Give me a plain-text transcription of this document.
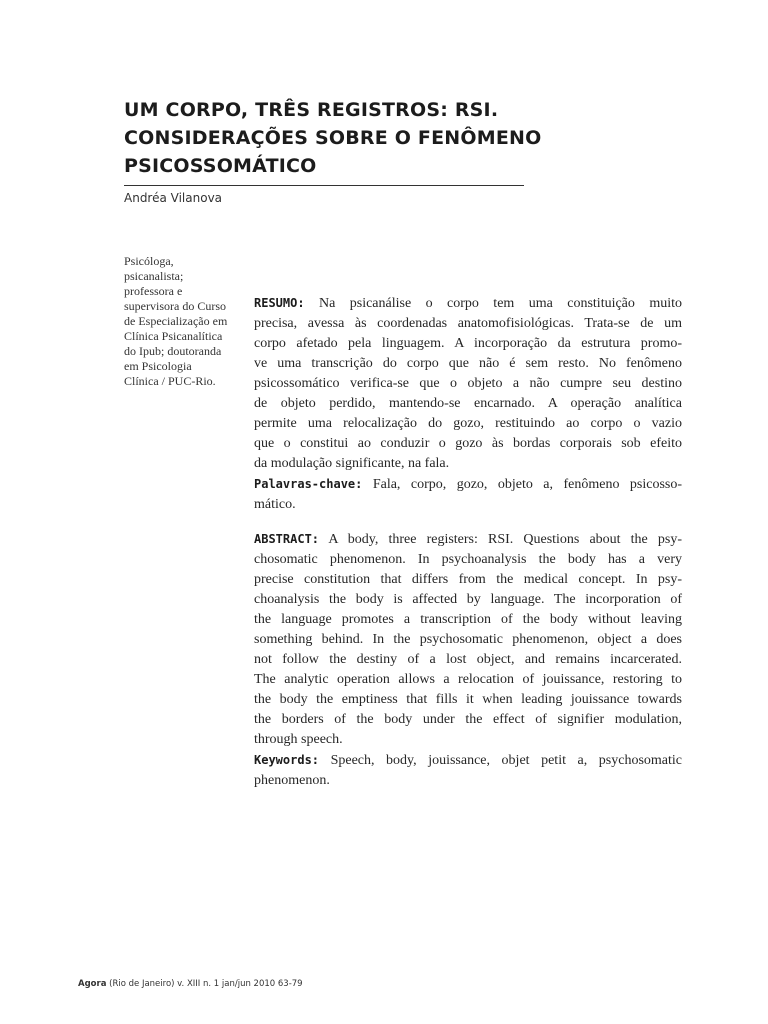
UM CORPO, TRÊS REGISTROS: RSI.
CONSIDERAÇÕES SOBRE O FENÔMENO
PSICOSSOMÁTICO
Andréa Vilanova
Psicóloga,
psicanalista;
professora e
supervisora do Curso
de Especialização em
Clínica Psicanalítica
do Ipub; doutoranda
em Psicologia
Clínica / PUC-Rio.
RESUMO: Na psicanálise o corpo tem uma constituição muito
precisa, avessa às coordenadas anatomofisiológicas. Trata-se de um
corpo afetado pela linguagem. A incorporação da estrutura promo-
ve uma transcrição do corpo que não é sem resto. No fenômeno
psicossomático verifica-se que o objeto a não cumpre seu destino
de objeto perdido, mantendo-se encarnado. A operação analítica
permite uma relocalização do gozo, restituindo ao corpo o vazio
que o constitui ao conduzir o gozo às bordas corporais sob efeito
da modulação significante, na fala.
Palavras-chave: Fala, corpo, gozo, objeto a, fenômeno psicosso-
mático.
ABSTRACT: A body, three registers: RSI. Questions about the psy-
chosomatic phenomenon. In psychoanalysis the body has a very
precise constitution that differs from the medical concept. In psy-
choanalysis the body is affected by language. The incorporation of
the language promotes a transcription of the body without leaving
something behind. In the psychosomatic phenomenon, object a does
not follow the destiny of a lost object, and remains incarcerated.
The analytic operation allows a relocation of jouissance, restoring to
the body the emptiness that fills it when leading jouissance towards
the borders of the body under the effect of signifier modulation,
through speech.
Keywords: Speech, body, jouissance, objet petit a, psychosomatic
phenomenon.
Agora (Rio de Janeiro) v. XIII n. 1 jan/jun 2010 63-79
